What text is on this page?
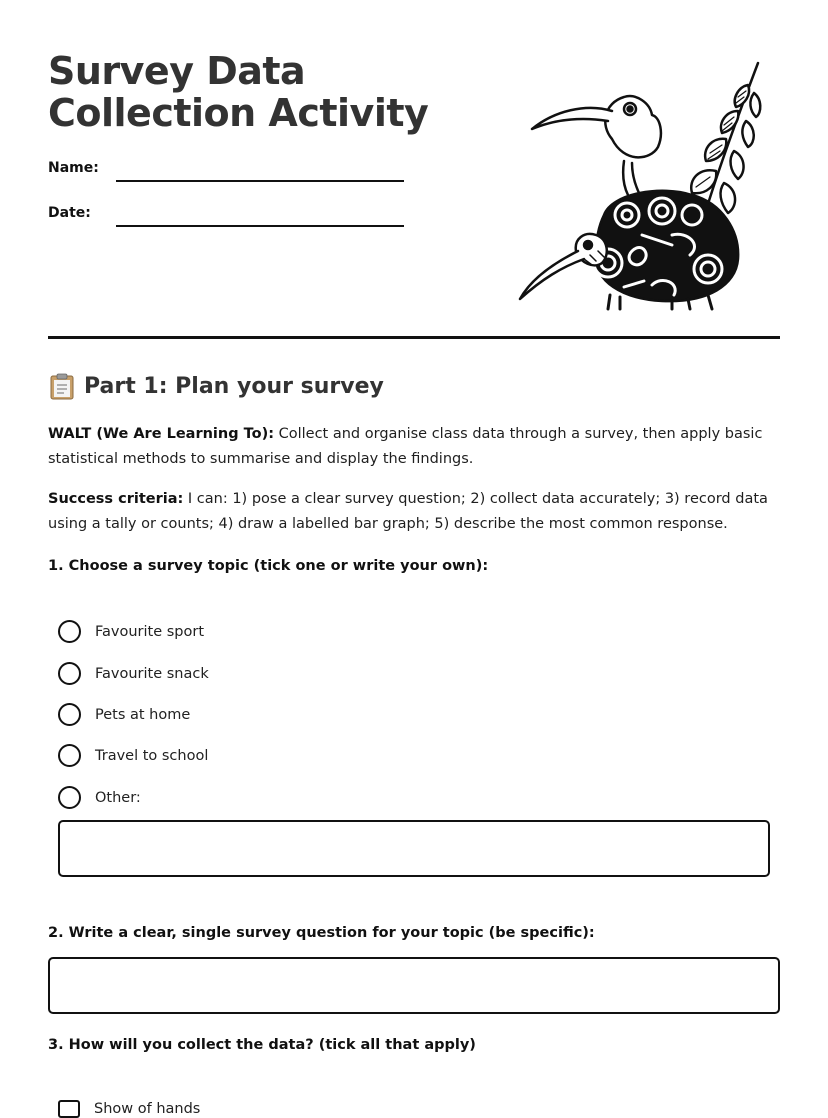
Survey Data Collection Activity
Name:
Date:
Part 1: Plan your survey

WALT (We Are Learning To): Collect and organise class data through a survey, then apply basic statistical methods to summarise and display the findings.

Success criteria: I can: 1) pose a clear survey question; 2) collect data accurately; 3) record data using a tally or counts; 4) draw a labelled bar graph; 5) describe the most common response.

1. Choose a survey topic (tick one or write your own):

Favourite sport
Favourite snack
Pets at home
Travel to school
Other:

2. Write a clear, single survey question for your topic (be specific):

3. How will you collect the data? (tick all that apply)

Show of hands
